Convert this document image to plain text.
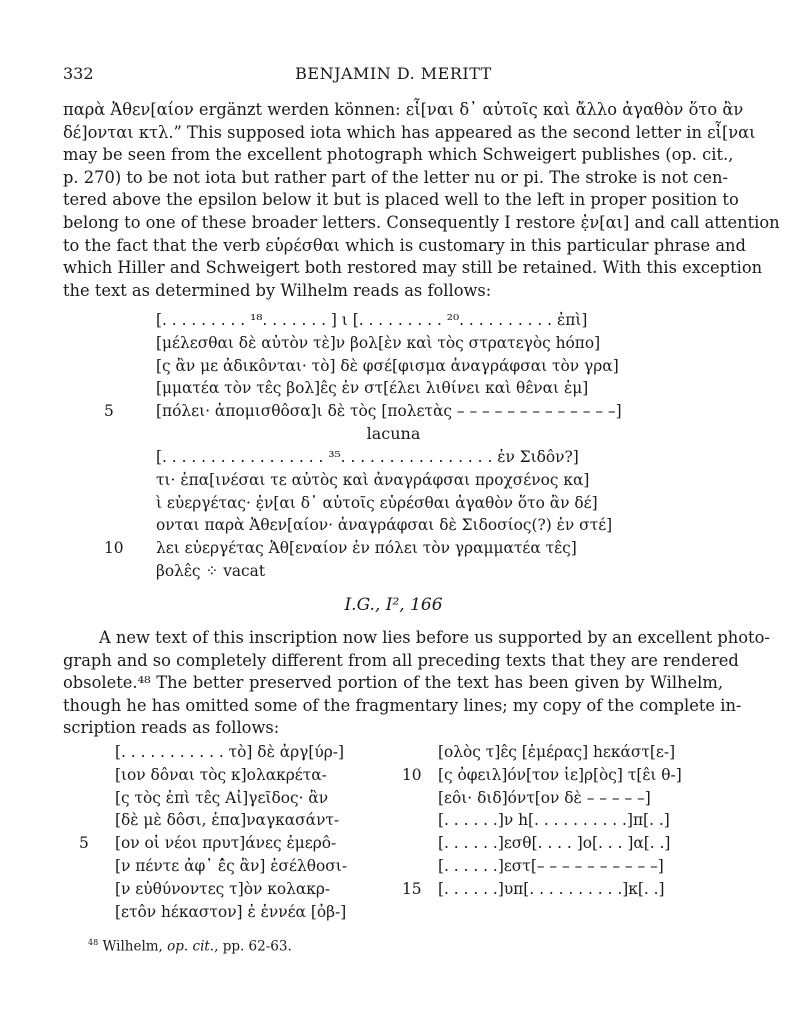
332	BENJAMIN D. MERITT
παρὰ Ἀθεν[αίον ergänzt werden können: εἶ[ναι δ᾽ αὐτοῖς καὶ ἄλλο ἀγαθὸν ὅτο ἂν
δέ]ονται κτλ.” This supposed iota which has appeared as the second letter in εἶ[ναι
may be seen from the excellent photograph which Schweigert publishes (op. cit.,
p. 270) to be not iota but rather part of the letter nu or pi. The stroke is not cen-
tered above the epsilon below it but is placed well to the left in proper position to
belong to one of these broader letters. Consequently I restore ἐ̣ν[αι] and call attention
to the fact that the verb εὑρέσθαι which is customary in this particular phrase and
which Hiller and Schweigert both restored may still be retained. With this exception
the text as determined by Wilhelm reads as follows:
[. . . . . . . . . ¹⁸. . . . . . . ] ι [. . . . . . . . . ²⁰. . . . . . . . . . ἐπὶ]
[μέλεσθαι δὲ αὐτὸν τὲ]ν βολ[ὲν καὶ τὸς στρατεγὸς hόπο]
[ς ἂν με ἀδικôνται· τὸ] δὲ φσέ[φισμα ἀναγράφσαι τὸν γρα]
[μματέα τὸν τε̂ς βολ]ε̂ς ἐν στ[έλει λιθίνει καὶ θε̂ναι ἐμ]
5	[πόλει· ἀπομισθôσα]ι δὲ τὸς [πολετὰς – – – – – – – – – – – – –]
lacuna
[. . . . . . . . . . . . . . . . . ³⁵. . . . . . . . . . . . . . . . ἐν Σιδôν?]
τι· ἐπα[ινέσαι τε αὐτὸς καὶ ἀναγράφσαι προχσένος κα]
ὶ εὐεργέτας· ἐ̣ν[αι δ᾽ αὐτοῖς εὑρέσθαι ἀγαθὸν ὅτο ἂν δέ]
ονται παρὰ Ἀθεν[αίον· ἀναγράφσαι δὲ Σιδοσίος(?) ἐν στέ]
10 λει εὐεργέτας Ἀθ[εναίον ἐν πόλει τὸν γραμματέα τε̂ς]
βολε̂ς ⁘ vacat
I.G., I², 166
A new text of this inscription now lies before us supported by an excellent photo-
graph and so completely different from all preceding texts that they are rendered
obsolete.⁴⁸ The better preserved portion of the text has been given by Wilhelm,
though he has omitted some of the fragmentary lines; my copy of the complete in-
scription reads as follows:
[. . . . . . . . . . . τὸ] δὲ ἀργ[ύρ-]
[ιον δôναι τὸς κ]ολακρέτα-
[ς τὸς ἐπὶ τε̂ς Αἰ]γεῖδος· ἂν
[δὲ μὲ δôσι, ἐπα]ναγκασάντ-
5	[ον οἱ νέοι πρυτ]άνες ἐμερô-
[ν πέντε ἀφ᾽ ἐ̂ς ἂν] ἐσέλθοσι-
[ν εὐθύνοντες τ]ὸν κολακρ-
[ετôν hέκαστον] ἐ ἐννέα [ὀβ-]
[ολὸς τ]ε̂ς [ἐμέρας] hεκάστ[ε-]
10 [ς ὀφειλ]όν[τον ἱε]ρ[ὸς] τ[ε̂ι θ-]
[εôι· διδ]όντ[ον δὲ – – – – –]
[. . . . . .]ν h[. . . . . . . . . .]π[. .]
[. . . . . .]εσθ[. . . . ]ο[. . . ]α[. .]
[. . . . . .]εστ[– – – – – – – – – –]
15 [. . . . . .]υπ[. . . . . . . . . .]κ[. .]
$^{48}$ Wilhelm, op. cit., pp. 62-63.
